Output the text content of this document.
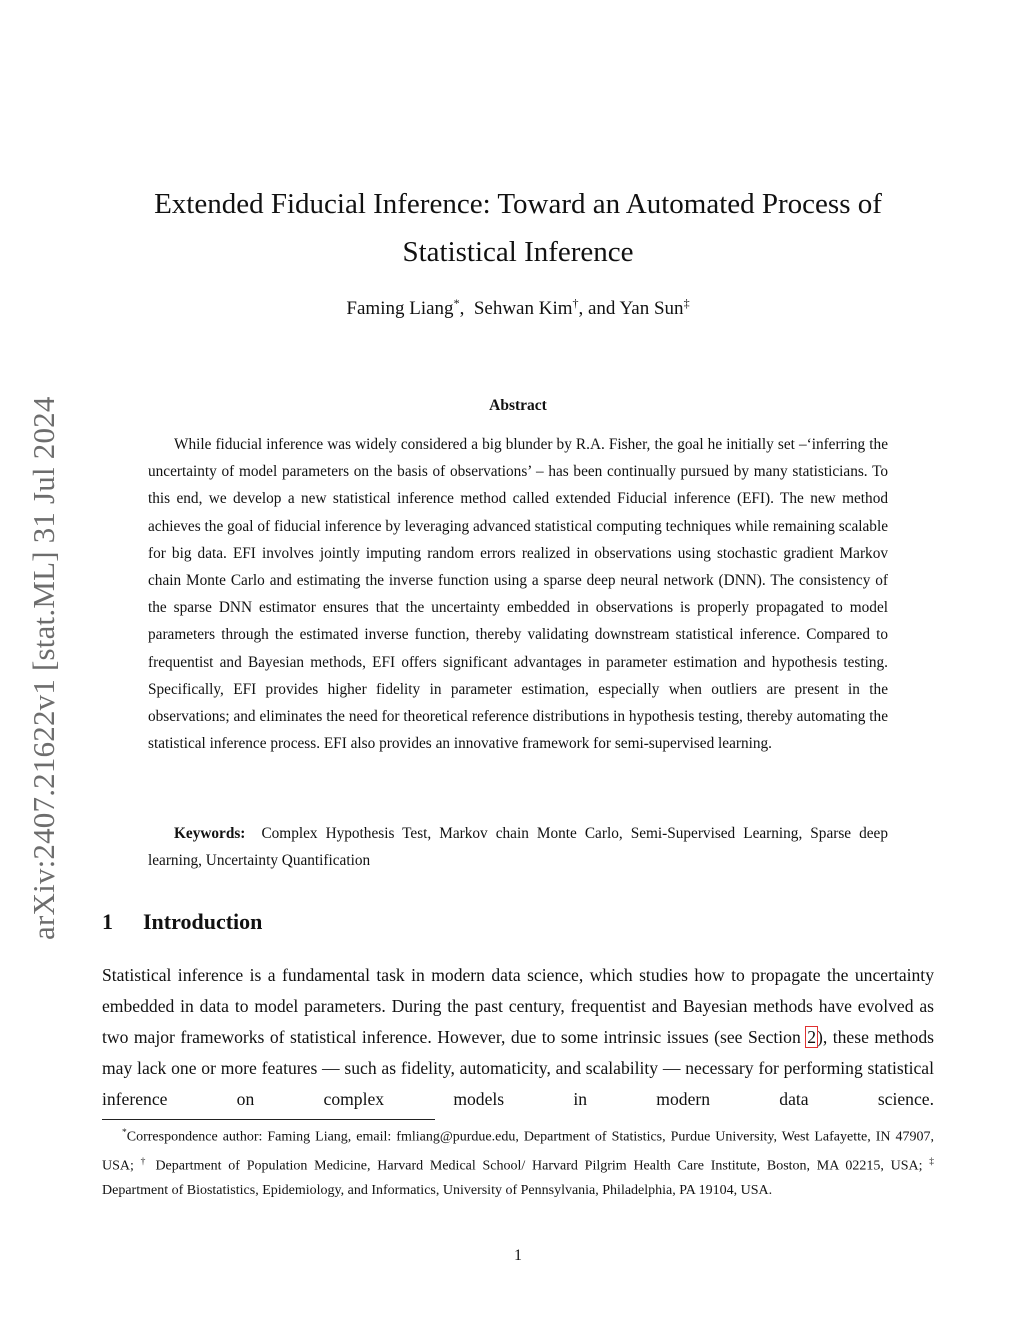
arXiv:2407.21622v1 [stat.ML] 31 Jul 2024
Extended Fiducial Inference: Toward an Automated Process of Statistical Inference
Faming Liang*,  Sehwan Kim†, and Yan Sun‡
Abstract

While fiducial inference was widely considered a big blunder by R.A. Fisher, the goal he initially set –‘inferring the uncertainty of model parameters on the basis of observations’ – has been continually pursued by many statisticians. To this end, we develop a new statistical inference method called extended Fiducial inference (EFI). The new method achieves the goal of fiducial inference by leveraging advanced statistical computing techniques while remaining scalable for big data. EFI involves jointly imputing random errors realized in observations using stochastic gradient Markov chain Monte Carlo and estimating the inverse function using a sparse deep neural network (DNN). The consistency of the sparse DNN estimator ensures that the uncertainty embedded in observations is properly propagated to model parameters through the estimated inverse function, thereby validating downstream statistical inference. Compared to frequentist and Bayesian methods, EFI offers significant advantages in parameter estimation and hypothesis testing. Specifically, EFI provides higher fidelity in parameter estimation, especially when outliers are present in the observations; and eliminates the need for theoretical reference distributions in hypothesis testing, thereby automating the statistical inference process. EFI also provides an innovative framework for semi-supervised learning.

Keywords: Complex Hypothesis Test, Markov chain Monte Carlo, Semi-Supervised Learning, Sparse deep learning, Uncertainty Quantification

1 Introduction

Statistical inference is a fundamental task in modern data science, which studies how to propagate the uncertainty embedded in data to model parameters. During the past century, frequentist and Bayesian methods have evolved as two major frameworks of statistical inference. However, due to some intrinsic issues (see Section 2), these methods may lack one or more features — such as fidelity, automaticity, and scalability — necessary for performing statistical inference on complex models in modern data science.

*Correspondence author: Faming Liang, email: fmliang@purdue.edu, Department of Statistics, Purdue University, West Lafayette, IN 47907, USA; † Department of Population Medicine, Harvard Medical School/ Harvard Pilgrim Health Care Institute, Boston, MA 02215, USA; ‡ Department of Biostatistics, Epidemiology, and Informatics, University of Pennsylvania, Philadelphia, PA 19104, USA.

1
